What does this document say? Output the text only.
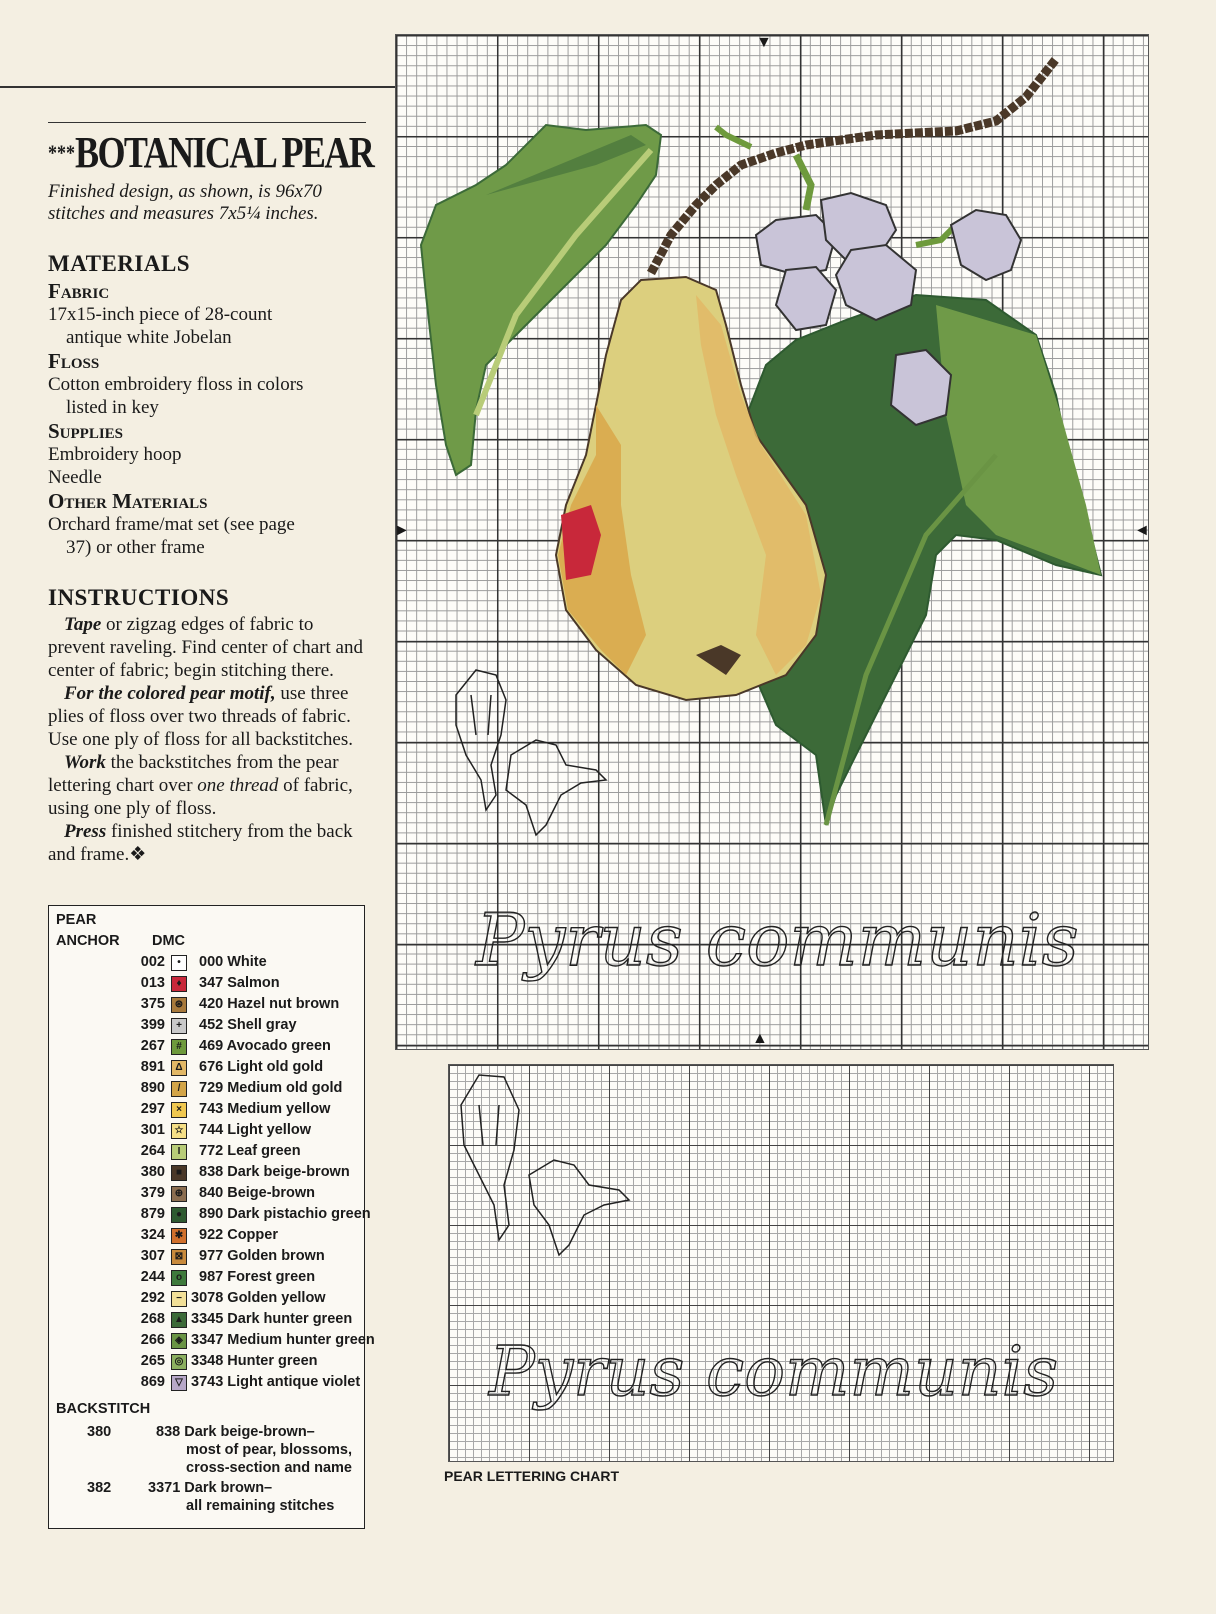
***BOTANICAL PEAR
Finished design, as shown, is 96x70 stitches and measures 7x5¼ inches.
MATERIALS
Fabric

17x15-inch piece of 28-count

antique white Jobelan

Floss

Cotton embroidery floss in colors

listed in key

Supplies

Embroidery hoop

Needle

Other Materials

Orchard frame/mat set (see page

37) or other frame

INSTRUCTIONS

Tape or zigzag edges of fabric to prevent raveling. Find center of chart and center of fabric; begin stitching there.

For the colored pear motif, use three plies of floss over two threads of fabric. Use one ply of floss for all backstitches.

Work the backstitches from the pear lettering chart over one thread of fabric, using one ply of floss.

Press finished stitchery from the back and frame.❖

PEAR
ANCHOR DMC
002	•	000 White
013	♦	347 Salmon
375 ⊛ 420 Hazel nut brown
399	+	452 Shell gray
267	#	469 Avocado green
891	Δ	676 Light old gold
890	/	729 Medium old gold
297	×	743 Medium yellow
301 ☆ 744 Light yellow
264	I	772 Leaf green
380	■	838 Dark beige-brown
379 ⊕ 840 Beige-brown
879	●	890 Dark pistachio green
324 ✱ 922 Copper
307 ⊠ 977 Golden brown
244	o	987 Forest green
292	− 3078 Golden yellow
268 ▲ 3345 Dark hunter green
266	◈ 3347 Medium hunter green
265 ◎ 3348 Hunter green
869	▽ 3743 Light antique violet
BACKSTITCH
380	838 Dark beige-brown–
most of pear, blossoms,
cross-section and name
382	3371 Dark brown–
all remaining stitches
Pyrus communis
▼
▲
►	◄
Pyrus communis
PEAR LETTERING CHART
